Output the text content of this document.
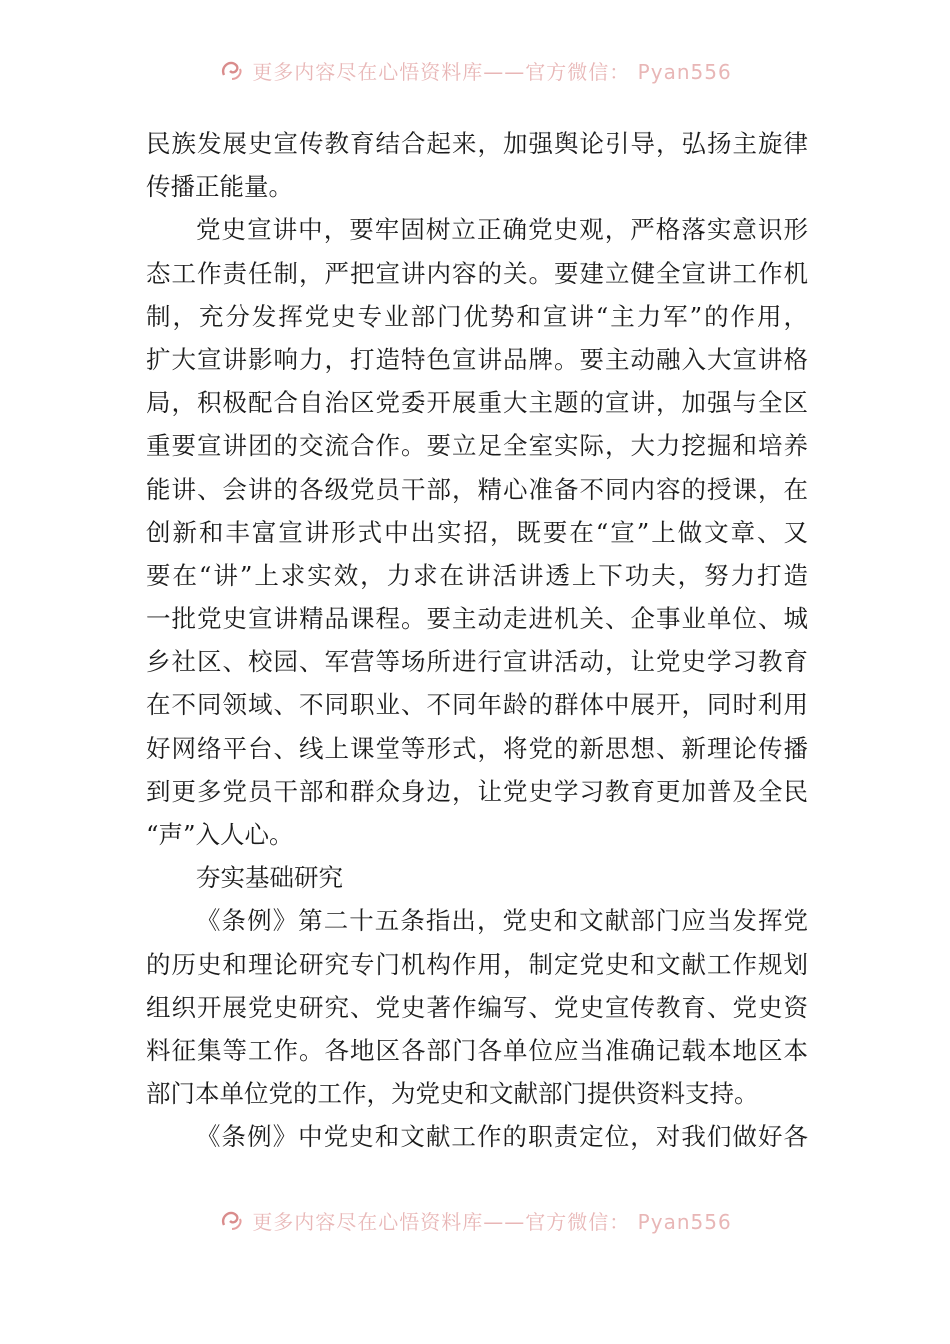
更多内容尽在心悟资料库——官方微信： Pyan556
民族发展史宣传教育结合起来，加强舆论引导，弘扬主旋律
传播正能量。
党史宣讲中，要牢固树立正确党史观，严格落实意识形
态工作责任制，严把宣讲内容的关。要建立健全宣讲工作机
制，充分发挥党史专业部门优势和宣讲“主力军”的作用，
扩大宣讲影响力，打造特色宣讲品牌。要主动融入大宣讲格
局，积极配合自治区党委开展重大主题的宣讲，加强与全区
重要宣讲团的交流合作。要立足全室实际，大力挖掘和培养
能讲、会讲的各级党员干部，精心准备不同内容的授课，在
创新和丰富宣讲形式中出实招，既要在“宣”上做文章、又
要在“讲”上求实效，力求在讲活讲透上下功夫，努力打造
一批党史宣讲精品课程。要主动走进机关、企事业单位、城
乡社区、校园、军营等场所进行宣讲活动，让党史学习教育
在不同领域、不同职业、不同年龄的群体中展开，同时利用
好网络平台、线上课堂等形式，将党的新思想、新理论传播
到更多党员干部和群众身边，让党史学习教育更加普及全民
“声”入人心。
夯实基础研究
《条例》第二十五条指出，党史和文献部门应当发挥党
的历史和理论研究专门机构作用，制定党史和文献工作规划
组织开展党史研究、党史著作编写、党史宣传教育、党史资
料征集等工作。各地区各部门各单位应当准确记载本地区本
部门本单位党的工作，为党史和文献部门提供资料支持。
《条例》中党史和文献工作的职责定位，对我们做好各
更多内容尽在心悟资料库——官方微信： Pyan556
